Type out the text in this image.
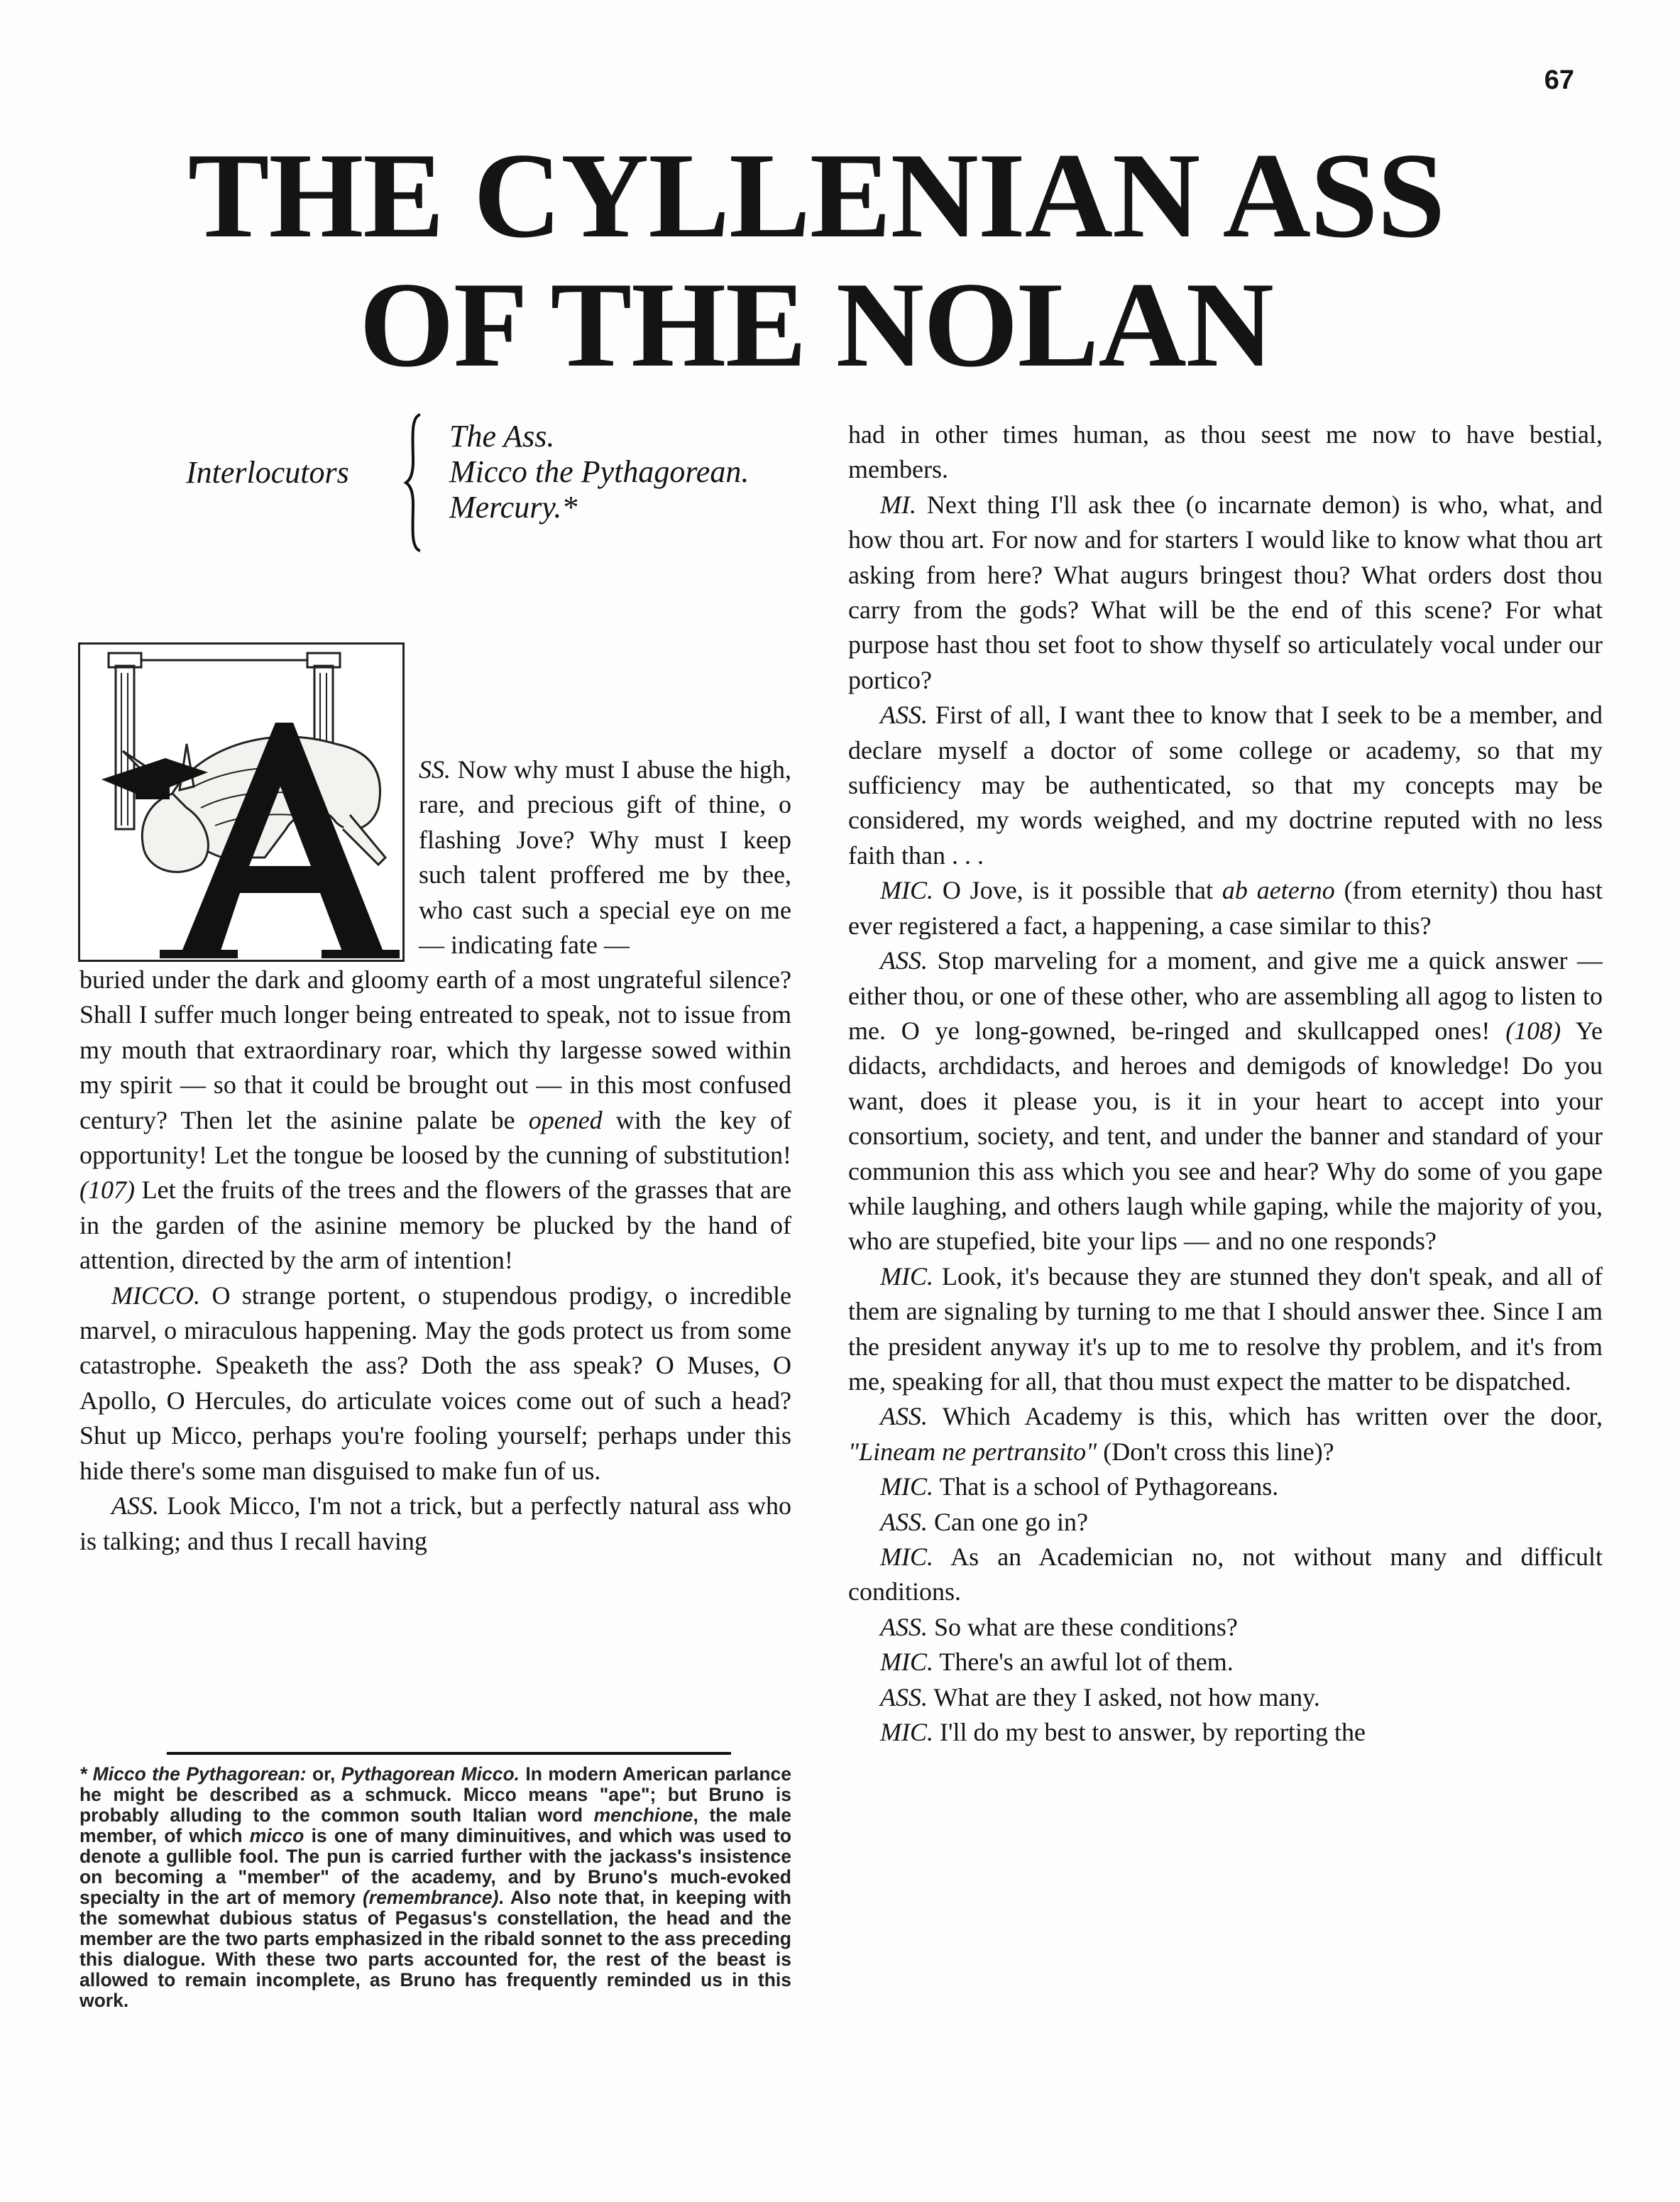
67
THE CYLLENIAN ASS
OF THE NOLAN
Interlocutors
The Ass.
Micco the Pythagorean.
Mercury.*
SS. Now why must I abuse the high, rare, and precious gift of thine, o flashing Jove? Why must I keep such talent proffered me by thee, who cast such a special eye on me — indicating fate —

buried under the dark and gloomy earth of a most ungrateful silence? Shall I suffer much longer being entreated to speak, not to issue from my mouth that extraordinary roar, which thy largesse sowed within my spirit — so that it could be brought out — in this most confused century? Then let the asinine palate be opened with the key of opportunity! Let the tongue be loosed by the cunning of substitution! (107) Let the fruits of the trees and the flowers of the grasses that are in the garden of the asinine memory be plucked by the hand of attention, directed by the arm of intention!

MICCO. O strange portent, o stupendous prodigy, o incredible marvel, o miraculous happening. May the gods protect us from some catastrophe. Speaketh the ass? Doth the ass speak? O Muses, O Apollo, O Hercules, do articulate voices come out of such a head? Shut up Micco, perhaps you're fooling yourself; perhaps under this hide there's some man disguised to make fun of us.

ASS. Look Micco, I'm not a trick, but a perfectly natural ass who is talking; and thus I recall having

* Micco the Pythagorean: or, Pythagorean Micco. In modern American parlance he might be described as a schmuck. Micco means "ape"; but Bruno is probably alluding to the common south Italian word menchione, the male member, of which micco is one of many diminuitives, and which was used to denote a gullible fool. The pun is carried further with the jackass's insistence on becoming a "member" of the academy, and by Bruno's much-evoked specialty in the art of memory (remembrance). Also note that, in keeping with the somewhat dubious status of Pegasus's constellation, the head and the member are the two parts emphasized in the ribald sonnet to the ass preceding this dialogue. With these two parts accounted for, the rest of the beast is allowed to remain incomplete, as Bruno has frequently reminded us in this work.

had in other times human, as thou seest me now to have bestial, members.

MI. Next thing I'll ask thee (o incarnate demon) is who, what, and how thou art. For now and for starters I would like to know what thou art asking from here? What augurs bringest thou? What orders dost thou carry from the gods? What will be the end of this scene? For what purpose hast thou set foot to show thyself so articulately vocal under our portico?

ASS. First of all, I want thee to know that I seek to be a member, and declare myself a doctor of some college or academy, so that my sufficiency may be authenticated, so that my concepts may be considered, my words weighed, and my doctrine reputed with no less faith than . . .

MIC. O Jove, is it possible that ab aeterno (from eternity) thou hast ever registered a fact, a happening, a case similar to this?

ASS. Stop marveling for a moment, and give me a quick answer — either thou, or one of these other, who are assembling all agog to listen to me. O ye long-gowned, be-ringed and skullcapped ones! (108) Ye didacts, archdidacts, and heroes and demigods of knowledge! Do you want, does it please you, is it in your heart to accept into your consortium, society, and tent, and under the banner and standard of your communion this ass which you see and hear? Why do some of you gape while laughing, and others laugh while gaping, while the majority of you, who are stupefied, bite your lips — and no one responds?

MIC. Look, it's because they are stunned they don't speak, and all of them are signaling by turning to me that I should answer thee. Since I am the president anyway it's up to me to resolve thy problem, and it's from me, speaking for all, that thou must expect the matter to be dispatched.

ASS. Which Academy is this, which has written over the door, "Lineam ne pertransito" (Don't cross this line)?

MIC. That is a school of Pythagoreans.

ASS. Can one go in?

MIC. As an Academician no, not without many and difficult conditions.

ASS. So what are these conditions?

MIC. There's an awful lot of them.

ASS. What are they I asked, not how many.

MIC. I'll do my best to answer, by reporting the
